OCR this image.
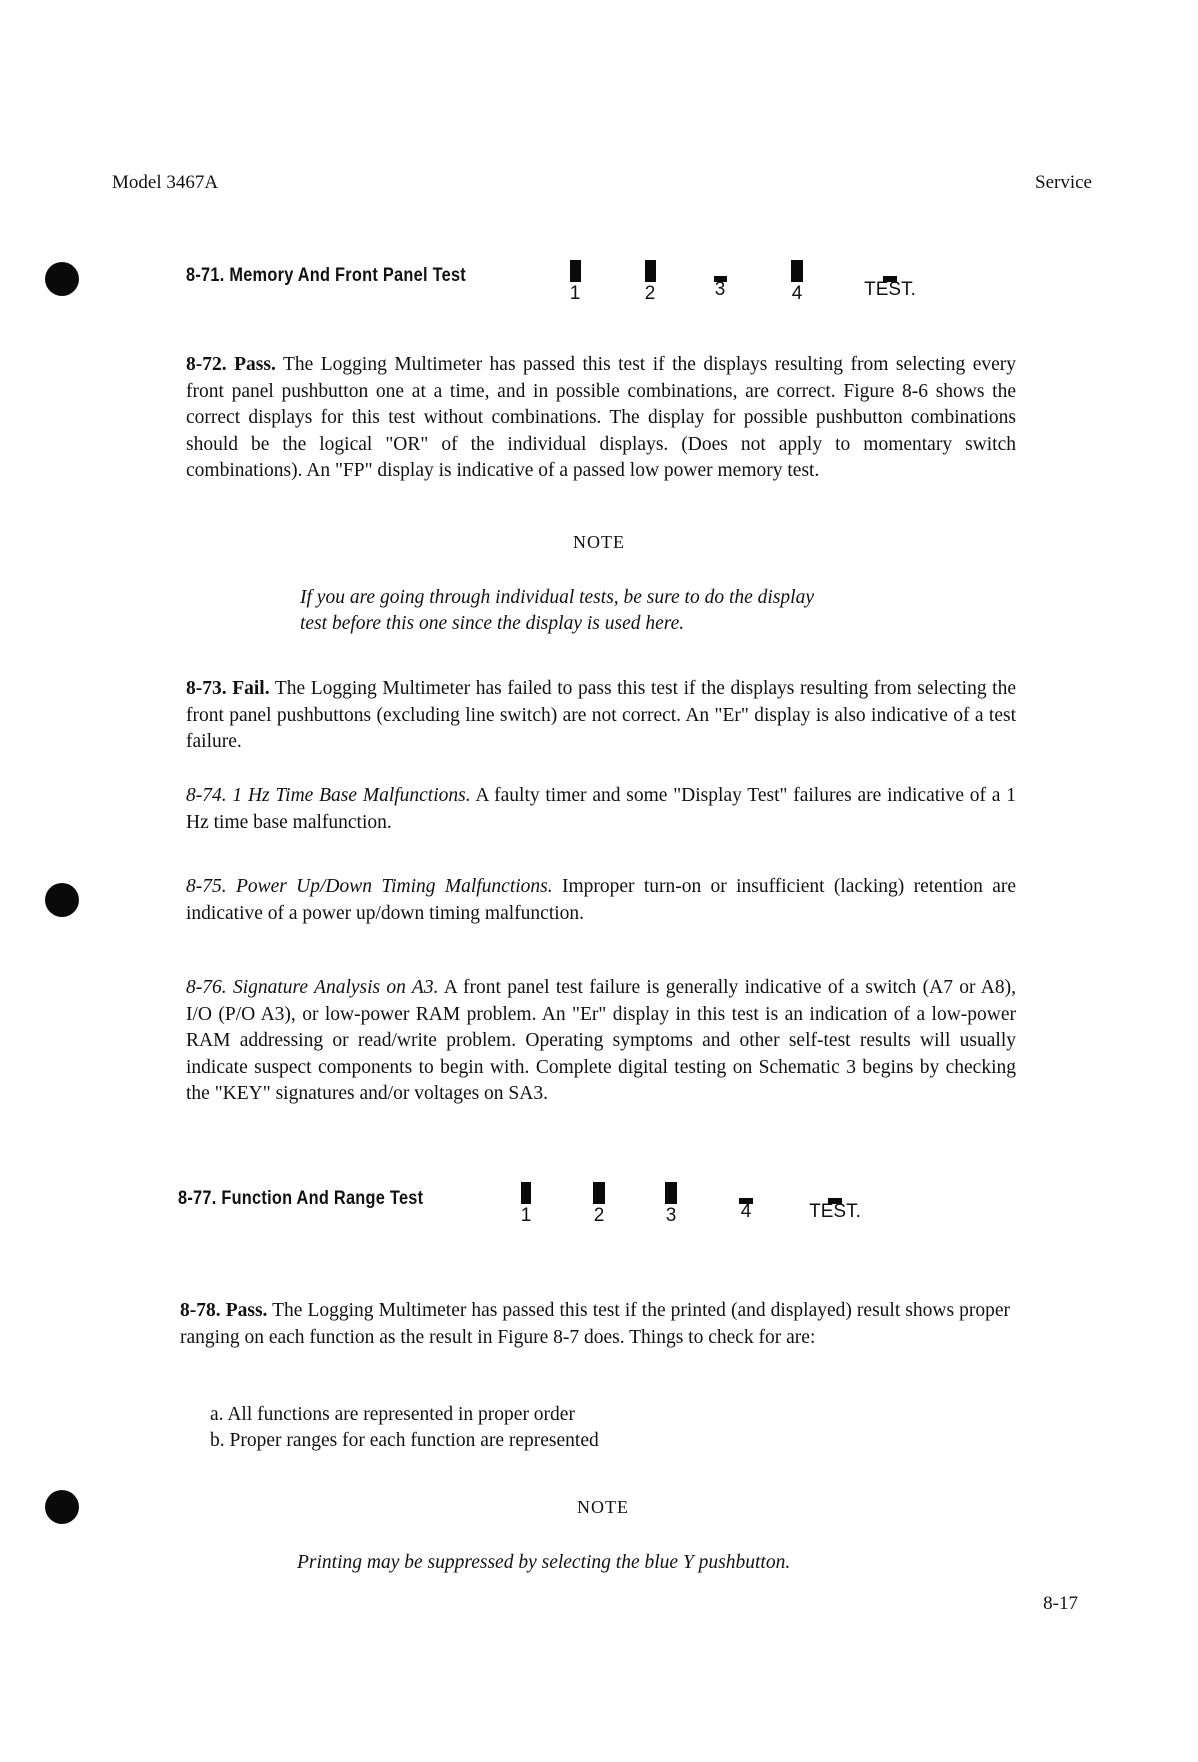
Model 3467A	Service
8-71. Memory And Front Panel Test
1	2	3	4	TEST.
8-72. Pass. The Logging Multimeter has passed this test if the displays resulting from selecting every front panel pushbutton one at a time, and in possible combinations, are correct. Figure 8-6 shows the correct displays for this test without combinations. The display for possible pushbutton combinations should be the logical "OR" of the individual displays. (Does not apply to momentary switch combinations). An "FP" display is indicative of a passed low power memory test.
NOTE
If you are going through individual tests, be sure to do the display
test before this one since the display is used here.
8-73. Fail. The Logging Multimeter has failed to pass this test if the displays resulting from selecting the front panel pushbuttons (excluding line switch) are not correct. An "Er" display is also indicative of a test failure.
8-74. 1 Hz Time Base Malfunctions. A faulty timer and some "Display Test" failures are indicative of a 1 Hz time base malfunction.
8-75. Power Up/Down Timing Malfunctions. Improper turn-on or insufficient (lacking) retention are indicative of a power up/down timing malfunction.
8-76. Signature Analysis on A3. A front panel test failure is generally indicative of a switch (A7 or A8), I/O (P/O A3), or low-power RAM problem. An "Er" display in this test is an indication of a low-power RAM addressing or read/write problem. Operating symptoms and other self-test results will usually indicate suspect components to begin with. Complete digital testing on Schematic 3 begins by checking the "KEY" signatures and/or voltages on SA3.
8-77. Function And Range Test
1	2	3	4	TEST.
8-78. Pass. The Logging Multimeter has passed this test if the printed (and displayed) result shows proper ranging on each function as the result in Figure 8-7 does. Things to check for are:
a. All functions are represented in proper order
b. Proper ranges for each function are represented
NOTE
Printing may be suppressed by selecting the blue Y pushbutton.
8-17
